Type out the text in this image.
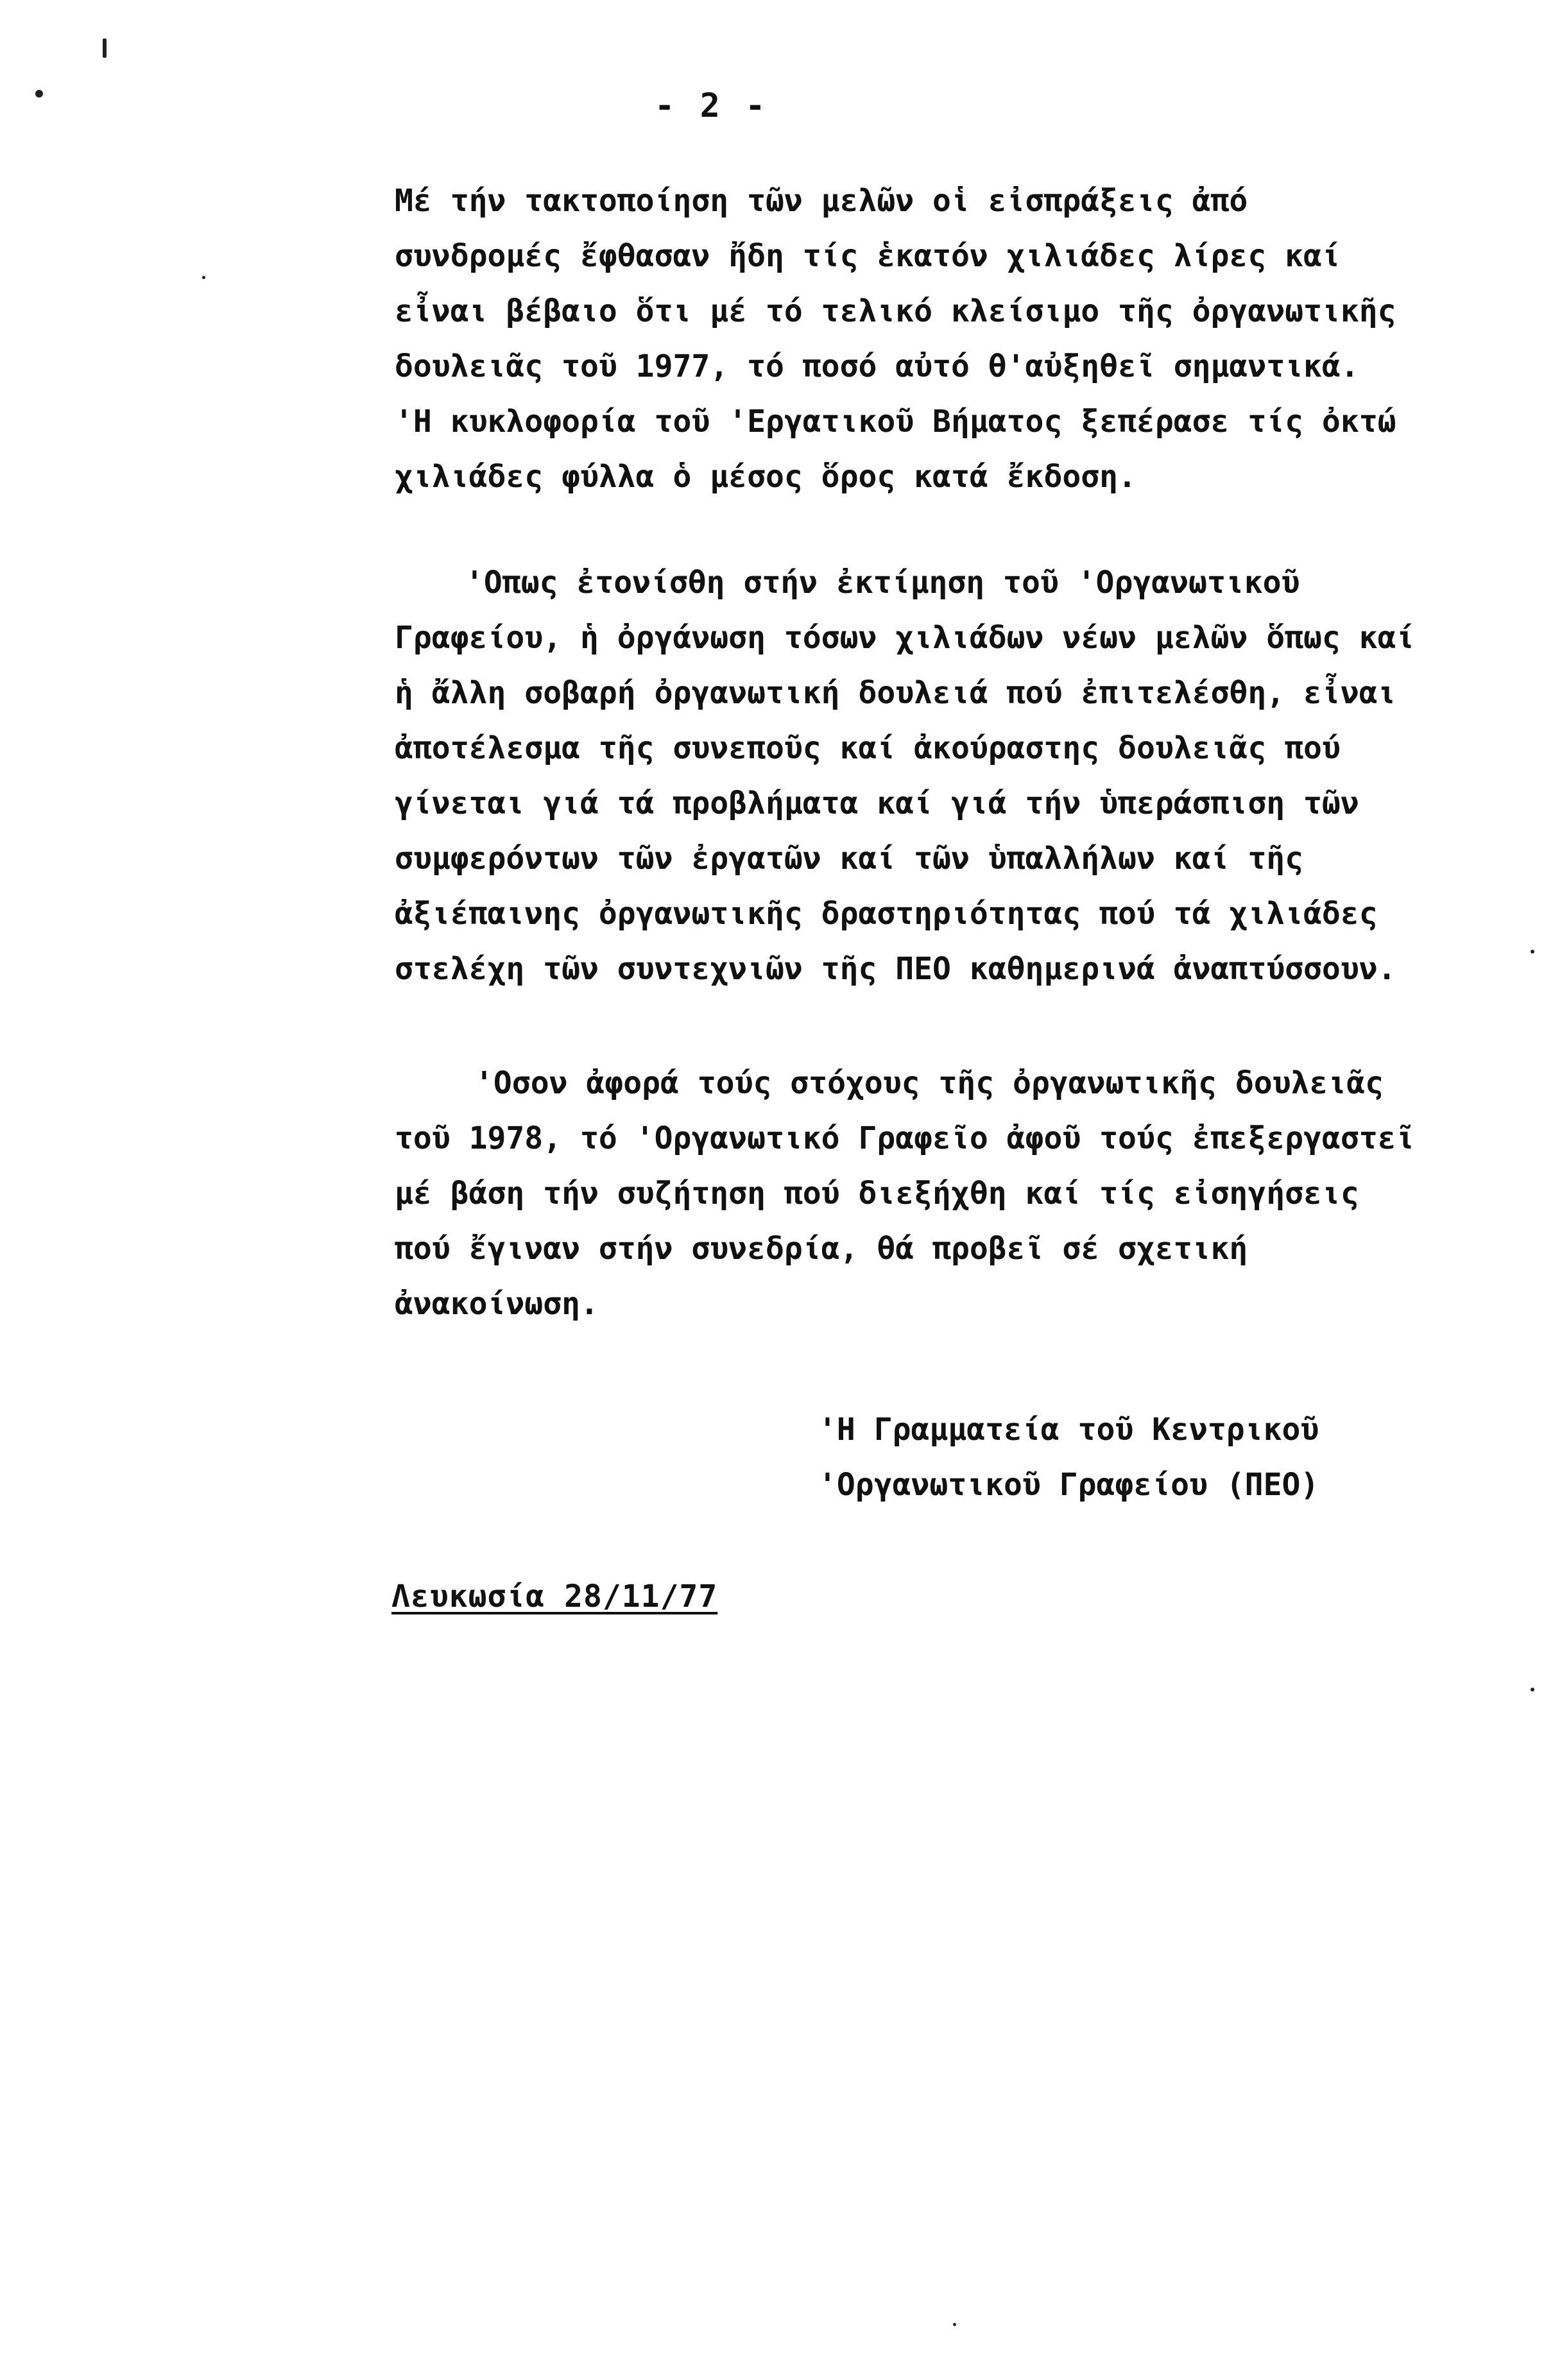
- 2 -

Μέ τήν τακτοποίηση τῶν μελῶν οἱ εἰσπράξεις ἀπό
συνδρομές ἔφθασαν ἤδη τίς ἑκατόν χιλιάδες λίρες καί
εἶναι βέβαιο ὅτι μέ τό τελικό κλείσιμο τῆς ὀργανωτικῆς
δουλειᾶς τοῦ 1977, τό ποσό αὐτό θ'αὐξηθεῖ σημαντικά.
'Η κυκλοφορία τοῦ 'Εργατικοῦ Βήματος ξεπέρασε τίς ὀκτώ
χιλιάδες φύλλα ὁ μέσος ὅρος κατά ἔκδοση.

'Οπως ἐτονίσθη στήν ἐκτίμηση τοῦ 'Οργανωτικοῦ
Γραφείου, ἡ ὀργάνωση τόσων χιλιάδων νέων μελῶν ὅπως καί
ἡ ἄλλη σοβαρή ὀργανωτική δουλειά πού ἐπιτελέσθη, εἶναι
ἀποτέλεσμα τῆς συνεποῦς καί ἀκούραστης δουλειᾶς πού
γίνεται γιά τά προβλήματα καί γιά τήν ὑπεράσπιση τῶν
συμφερόντων τῶν ἐργατῶν καί τῶν ὑπαλλήλων καί τῆς
ἀξιέπαινης ὀργανωτικῆς δραστηριότητας πού τά χιλιάδες
στελέχη τῶν συντεχνιῶν τῆς ΠΕΟ καθημερινά ἀναπτύσσουν.

'Οσον ἀφορά τούς στόχους τῆς ὀργανωτικῆς δουλειᾶς
τοῦ 1978, τό 'Οργανωτικό Γραφεῖο ἀφοῦ τούς ἐπεξεργαστεῖ
μέ βάση τήν συζήτηση πού διεξήχθη καί τίς εἰσηγήσεις
πού ἔγιναν στήν συνεδρία, θά προβεῖ σέ σχετική
ἀνακοίνωση.

'Η Γραμματεία τοῦ Κεντρικοῦ
'Οργανωτικοῦ Γραφείου (ΠΕΟ)
Λευκωσία 28/11/77
